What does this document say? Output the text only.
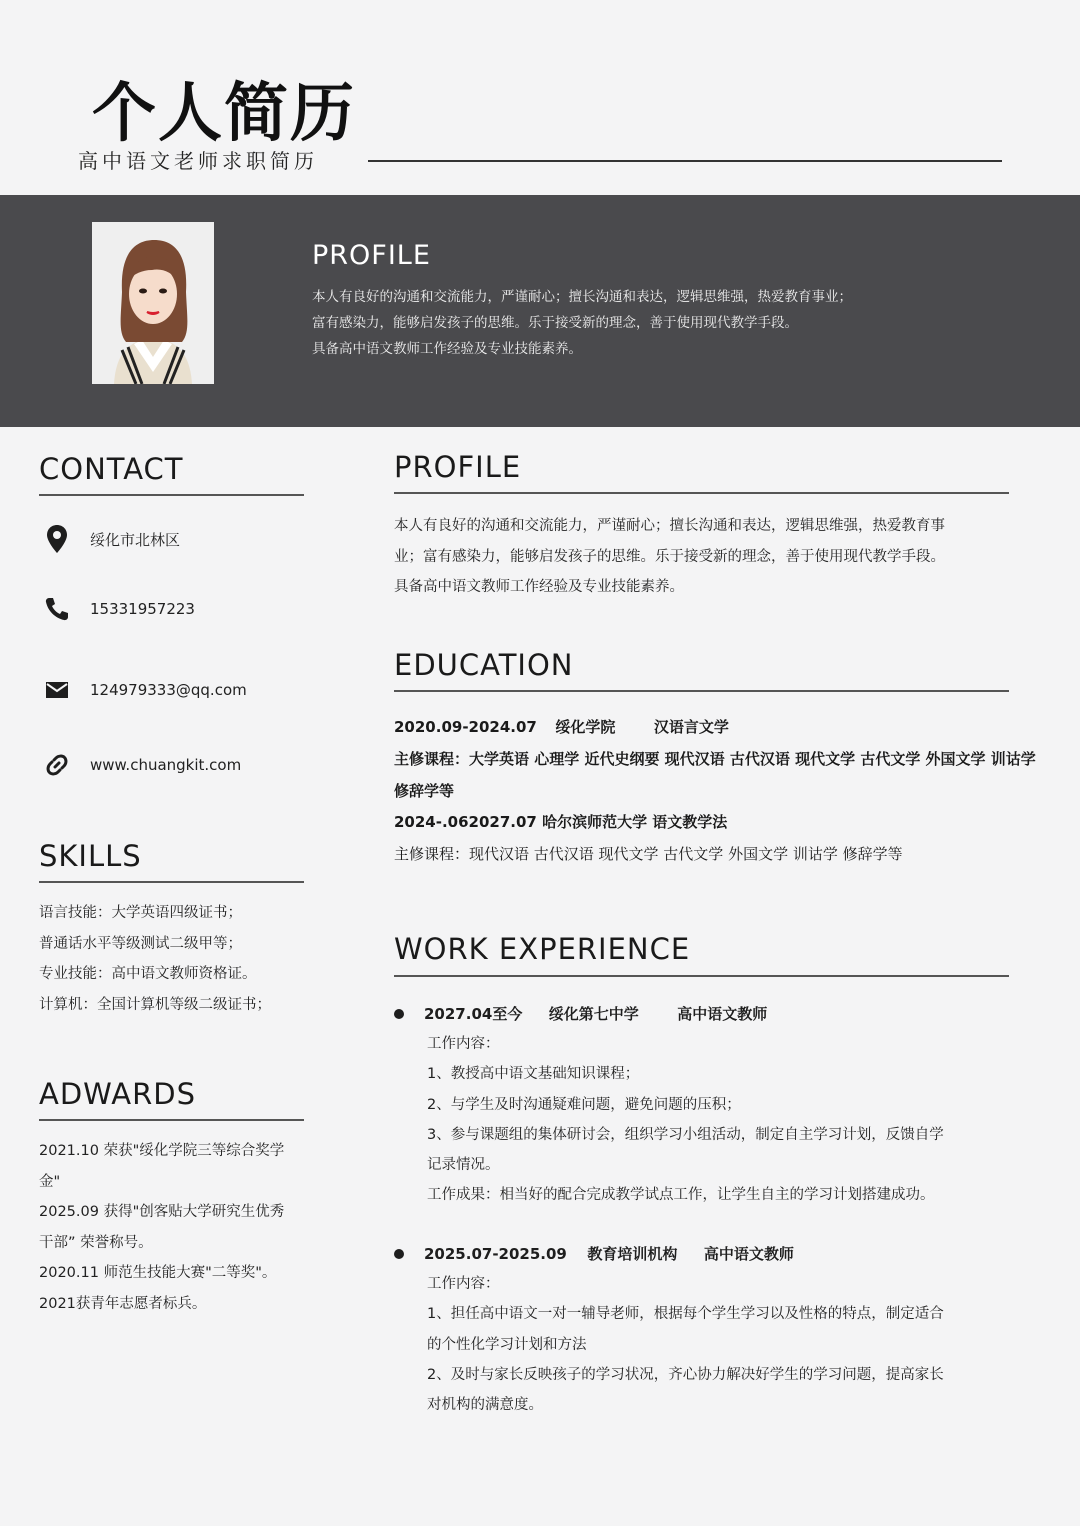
个人简历
高中语文老师求职简历
PROFILE
本人有良好的沟通和交流能力，严谨耐心；擅长沟通和表达，逻辑思维强，热爱教育事业；
富有感染力，能够启发孩子的思维。乐于接受新的理念，善于使用现代教学手段。
具备高中语文教师工作经验及专业技能素养。
CONTACT
绥化市北林区
15331957223
124979333@qq.com
www.chuangkit.com
SKILLS
语言技能：大学英语四级证书；
普通话水平等级测试二级甲等；
专业技能：高中语文教师资格证。
计算机：全国计算机等级二级证书；
ADWARDS
2021.10 荣获"绥化学院三等综合奖学
金"
2025.09 获得"创客贴大学研究生优秀
干部” 荣誉称号。
2020.11 师范生技能大赛"二等奖"。
2021获青年志愿者标兵。
PROFILE
本人有良好的沟通和交流能力，严谨耐心；擅长沟通和表达，逻辑思维强，热爱教育事
业；富有感染力，能够启发孩子的思维。乐于接受新的理念，善于使用现代教学手段。
具备高中语文教师工作经验及专业技能素养。
EDUCATION
2020.09-2024.07 绥化学院	汉语言文学
主修课程：大学英语 心理学 近代史纲要 现代汉语 古代汉语 现代文学 古代文学 外国文学 训诂学 修辞学等
2024-.062027.07 哈尔滨师范大学 语文教学法
主修课程：现代汉语 古代汉语 现代文学 古代文学 外国文学 训诂学 修辞学等
WORK EXPERIENCE
2027.04至今 绥化第七中学	高中语文教师
工作内容：
1、教授高中语文基础知识课程；
2、与学生及时沟通疑难问题，避免问题的压积；
3、参与课题组的集体研讨会，组织学习小组活动，制定自主学习计划，反馈自学
记录情况。
工作成果：相当好的配合完成教学试点工作，让学生自主的学习计划搭建成功。
2025.07-2025.09 教育培训机构 高中语文教师
工作内容：
1、担任高中语文一对一辅导老师，根据每个学生学习以及性格的特点，制定适合
的个性化学习计划和方法
2、及时与家长反映孩子的学习状况，齐心协力解决好学生的学习问题，提高家长
对机构的满意度。
